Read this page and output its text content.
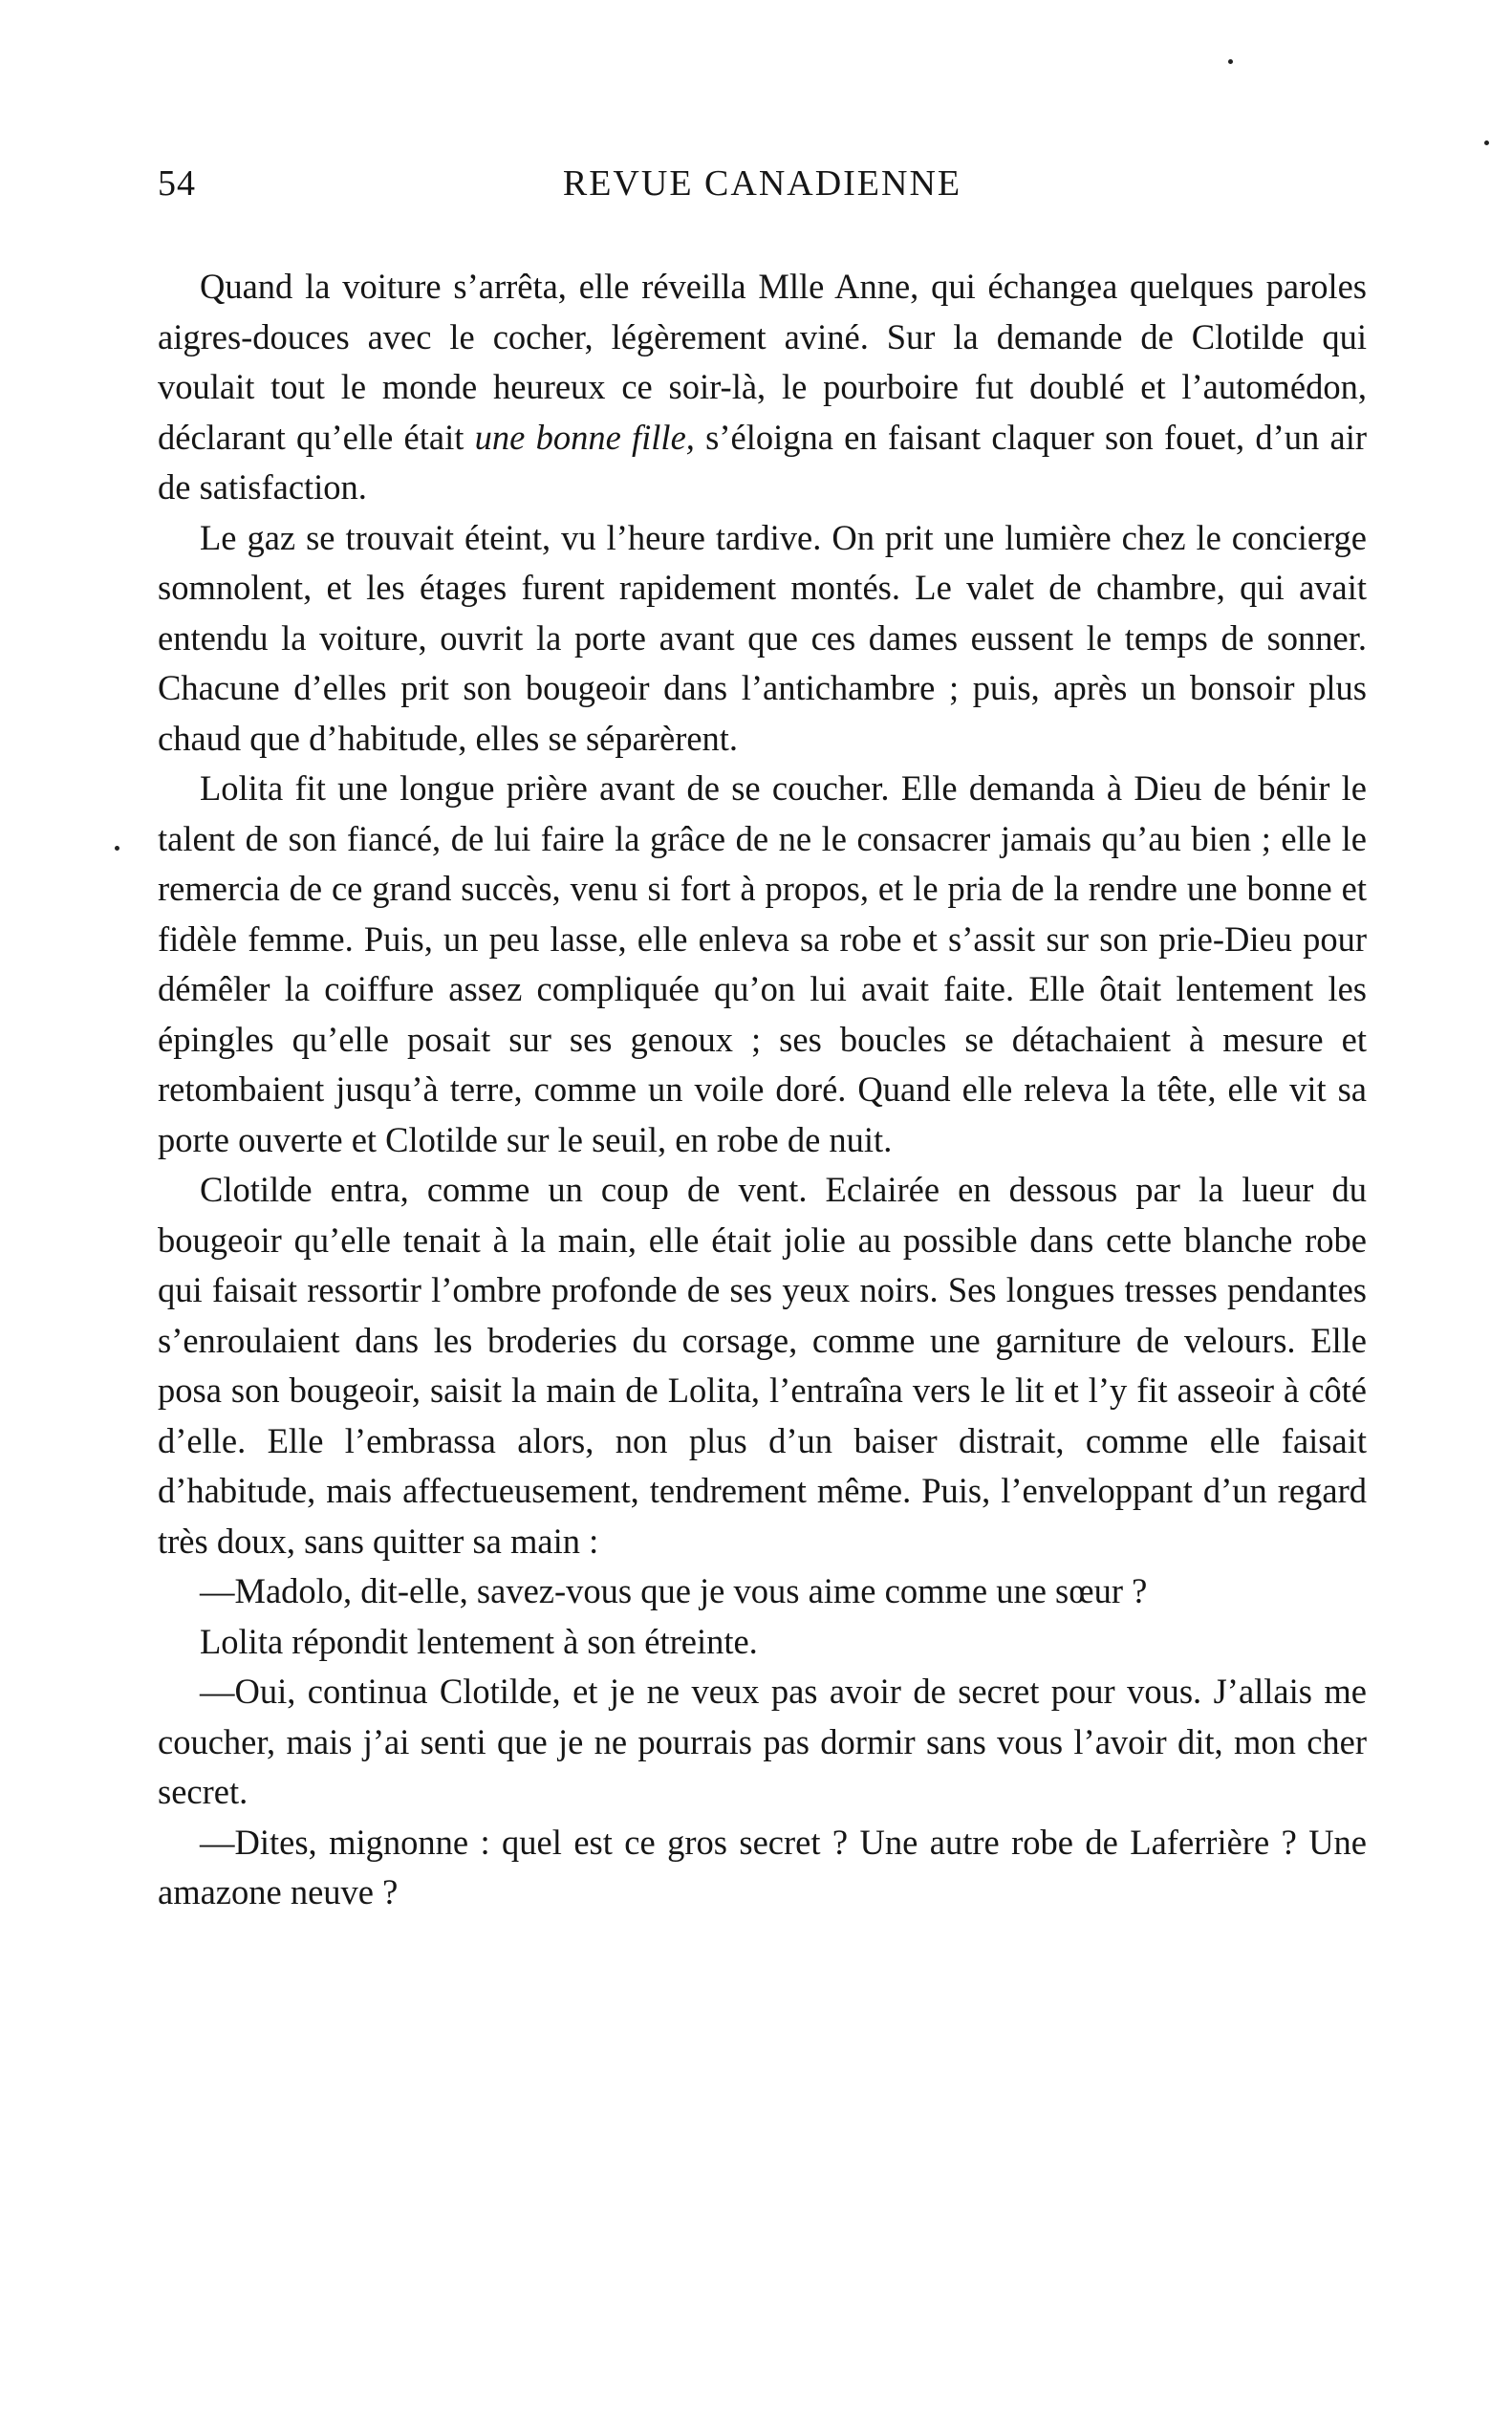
54	REVUE CANADIENNE

Quand la voiture s’arrêta, elle réveilla Mlle Anne, qui échangea quelques paroles aigres-douces avec le cocher, légèrement aviné. Sur la demande de Clotilde qui voulait tout le monde heureux ce soir-là, le pourboire fut doublé et l’automédon, déclarant qu’elle était une bonne fille, s’éloigna en faisant claquer son fouet, d’un air de satisfaction.

Le gaz se trouvait éteint, vu l’heure tardive. On prit une lumière chez le concierge somnolent, et les étages furent rapidement montés. Le valet de chambre, qui avait entendu la voiture, ouvrit la porte avant que ces dames eussent le temps de sonner. Chacune d’elles prit son bougeoir dans l’antichambre ; puis, après un bonsoir plus chaud que d’habitude, elles se séparèrent.

Lolita fit une longue prière avant de se coucher. Elle demanda à Dieu de bénir le talent de son fiancé, de lui faire la grâce de ne le consacrer jamais qu’au bien ; elle le remercia de ce grand succès, venu si fort à propos, et le pria de la rendre une bonne et fidèle femme. Puis, un peu lasse, elle enleva sa robe et s’assit sur son prie-Dieu pour démêler la coiffure assez compliquée qu’on lui avait faite. Elle ôtait lentement les épingles qu’elle posait sur ses genoux ; ses boucles se détachaient à mesure et retombaient jusqu’à terre, comme un voile doré. Quand elle releva la tête, elle vit sa porte ouverte et Clotilde sur le seuil, en robe de nuit.

Clotilde entra, comme un coup de vent. Eclairée en dessous par la lueur du bougeoir qu’elle tenait à la main, elle était jolie au possible dans cette blanche robe qui faisait ressortir l’ombre profonde de ses yeux noirs. Ses longues tresses pendantes s’enroulaient dans les broderies du corsage, comme une garniture de velours. Elle posa son bougeoir, saisit la main de Lolita, l’entraîna vers le lit et l’y fit asseoir à côté d’elle. Elle l’embrassa alors, non plus d’un baiser distrait, comme elle faisait d’habitude, mais affectueusement, tendrement même. Puis, l’enveloppant d’un regard très doux, sans quitter sa main :

—Madolo, dit-elle, savez-vous que je vous aime comme une sœur ?

Lolita répondit lentement à son étreinte.

—Oui, continua Clotilde, et je ne veux pas avoir de secret pour vous. J’allais me coucher, mais j’ai senti que je ne pourrais pas dormir sans vous l’avoir dit, mon cher secret.

—Dites, mignonne : quel est ce gros secret ? Une autre robe de Laferrière ? Une amazone neuve ?
